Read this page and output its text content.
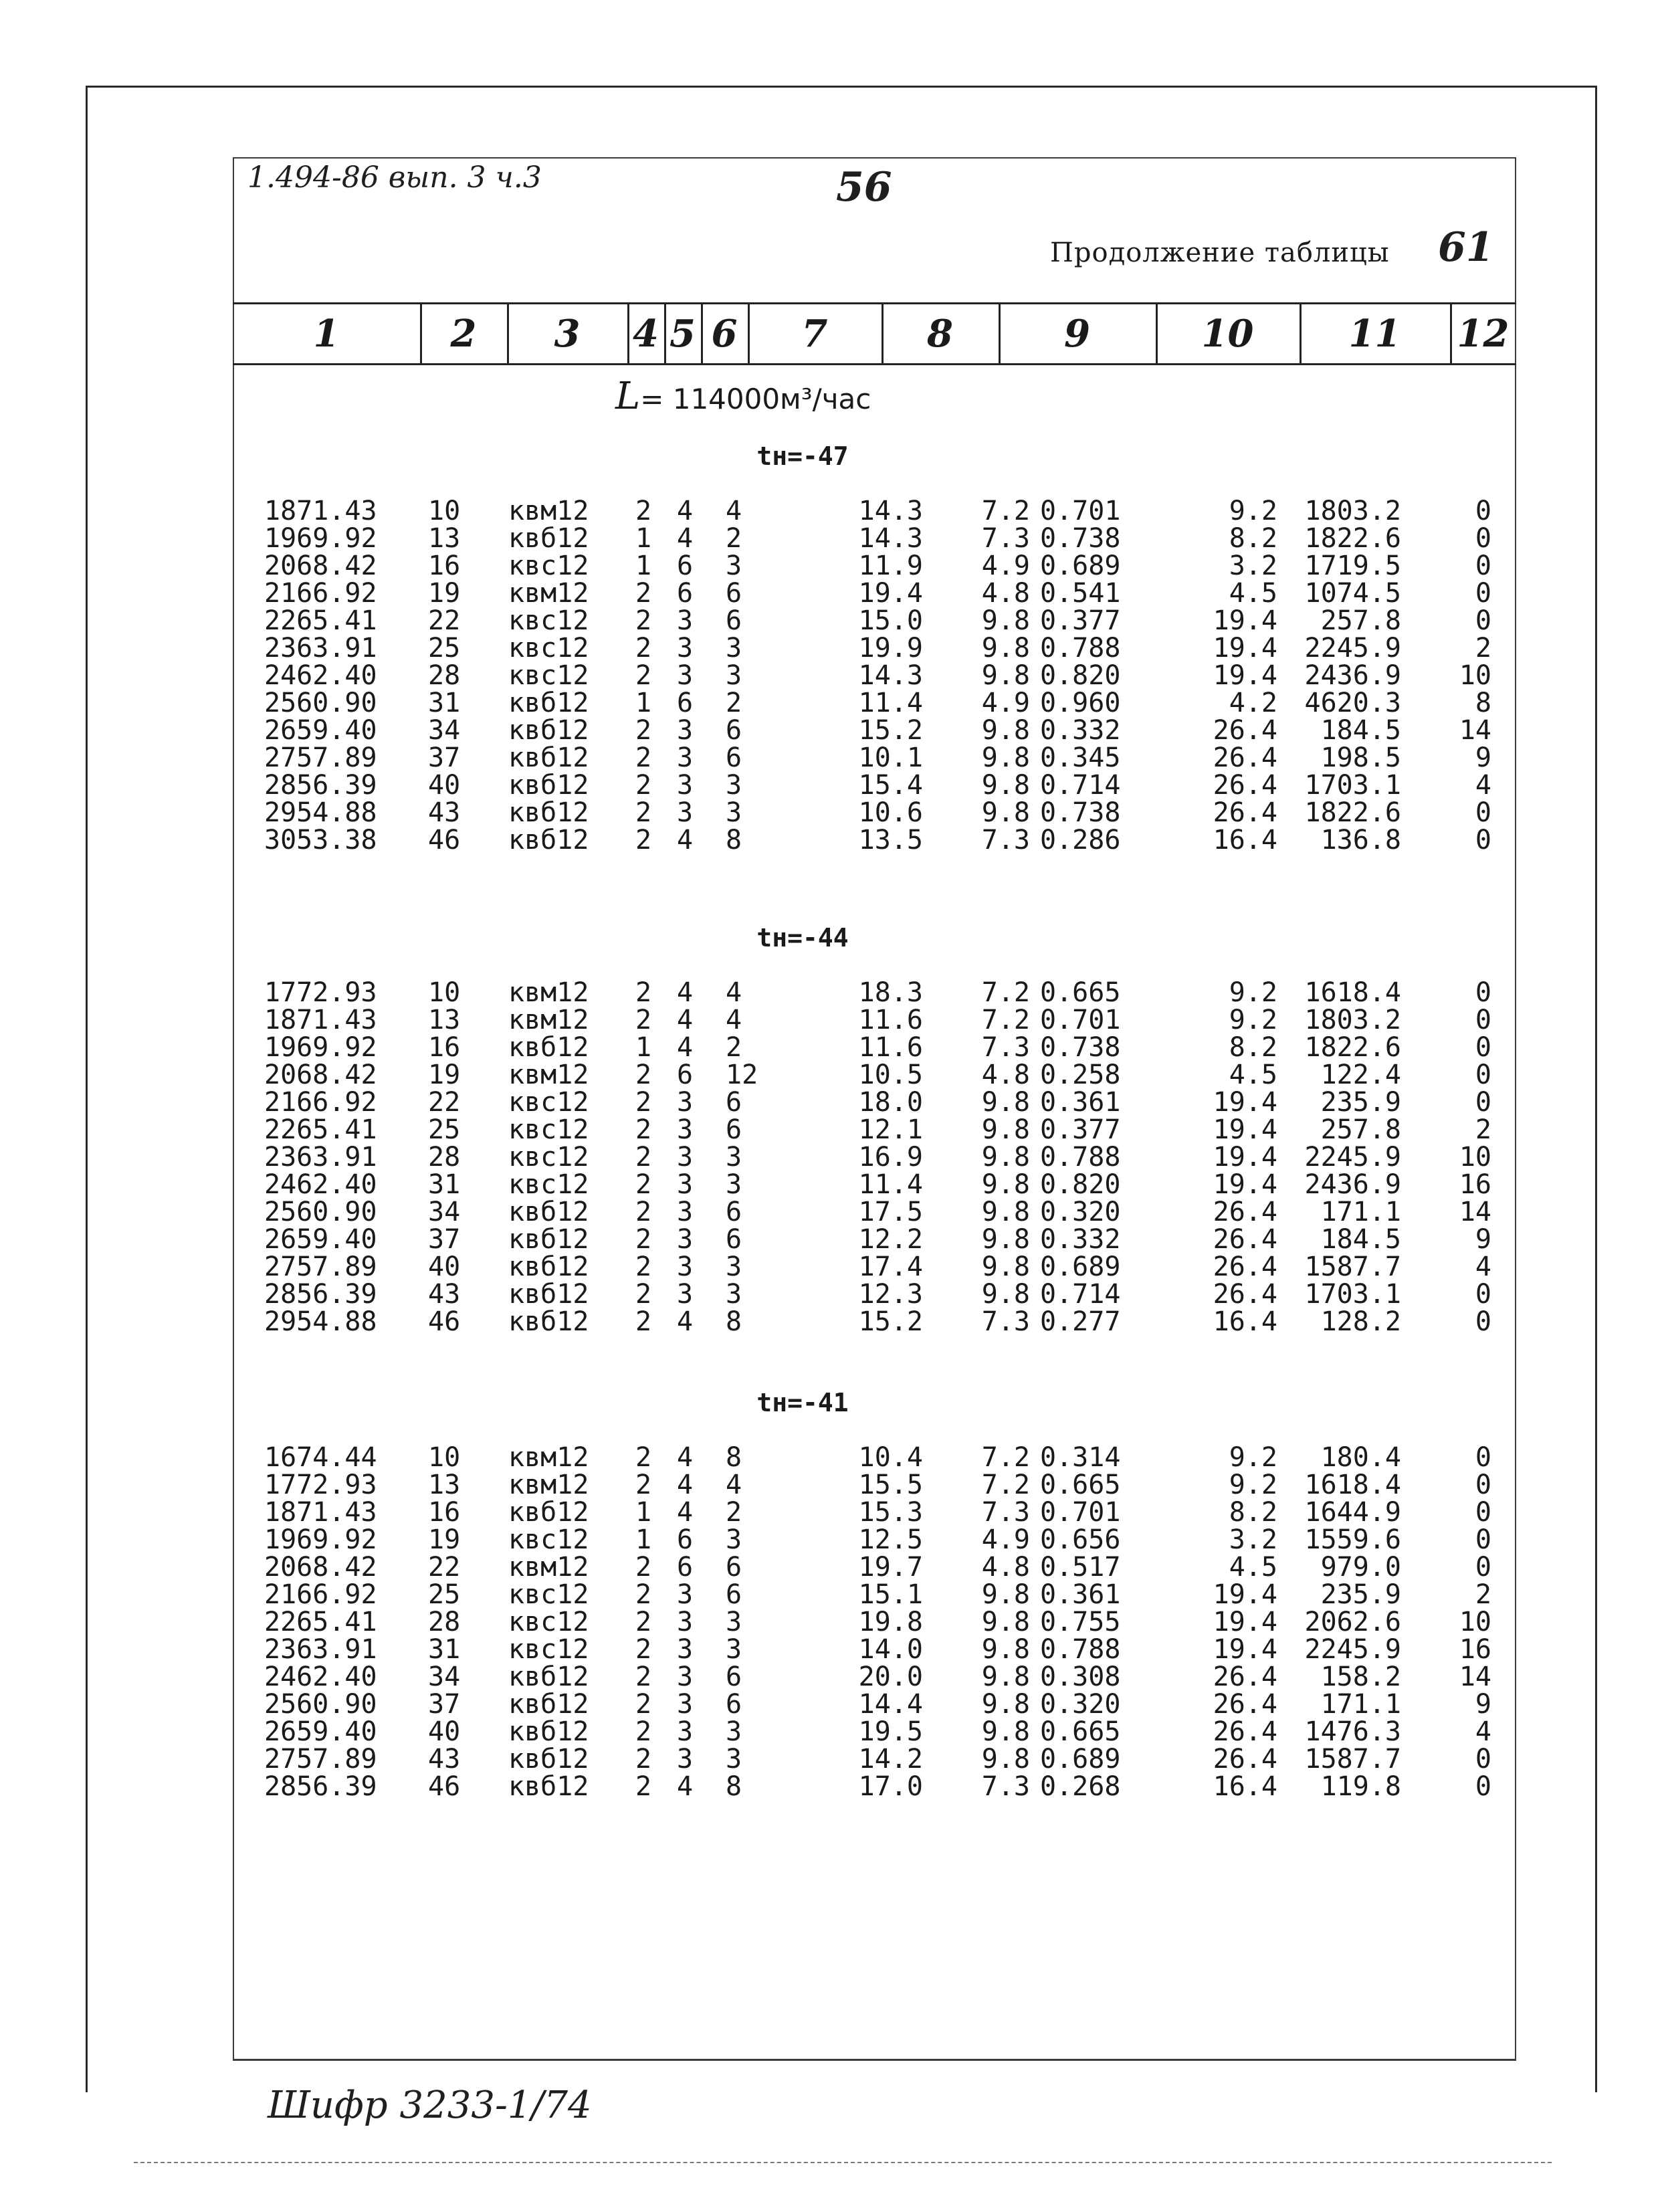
1.494-86 вып. 3 ч.3	56
Продолжение таблицы 61
1	2	3	4 5 6	7	8	9	10	11	12
L= 114000м³/час
tн=-47
1871.43 10 квм12 2 4 4	14.3	7.2 0.701	9.2	1803.2	0
1969.92 13 квб12 1 4 2	14.3	7.3 0.738	8.2	1822.6	0
2068.42 16 квс12 1 6 3	11.9	4.9 0.689	3.2	1719.5	0
2166.92 19 квм12 2 6 6	19.4	4.8 0.541	4.5	1074.5	0
2265.41 22 квс12 2 3 6	15.0	9.8 0.377	19.4	257.8	0
2363.91 25 квс12 2 3 3	19.9	9.8 0.788	19.4	2245.9	2
2462.40 28 квс12 2 3 3	14.3	9.8 0.820	19.4	2436.9	10
2560.90 31 квб12 1 6 2	11.4	4.9 0.960	4.2	4620.3	8
2659.40 34 квб12 2 3 6	15.2	9.8 0.332	26.4	184.5	14
2757.89 37 квб12 2 3 6	10.1	9.8 0.345	26.4	198.5	9
2856.39 40 квб12 2 3 3	15.4	9.8 0.714	26.4	1703.1	4
2954.88 43 квб12 2 3 3	10.6	9.8 0.738	26.4	1822.6	0
3053.38 46 квб12 2 4 8	13.5	7.3 0.286	16.4	136.8	0
tн=-44
1772.93 10 квм12 2 4 4	18.3	7.2 0.665	9.2	1618.4	0
1871.43 13 квм12 2 4 4	11.6	7.2 0.701	9.2	1803.2	0
1969.92 16 квб12 1 4 2	11.6	7.3 0.738	8.2	1822.6	0
2068.42 19 квм12 2 6 12	10.5	4.8 0.258	4.5	122.4	0
2166.92 22 квс12 2 3 6	18.0	9.8 0.361	19.4	235.9	0
2265.41 25 квс12 2 3 6	12.1	9.8 0.377	19.4	257.8	2
2363.91 28 квс12 2 3 3	16.9	9.8 0.788	19.4	2245.9	10
2462.40 31 квс12 2 3 3	11.4	9.8 0.820	19.4	2436.9	16
2560.90 34 квб12 2 3 6	17.5	9.8 0.320	26.4	171.1	14
2659.40 37 квб12 2 3 6	12.2	9.8 0.332	26.4	184.5	9
2757.89 40 квб12 2 3 3	17.4	9.8 0.689	26.4	1587.7	4
2856.39 43 квб12 2 3 3	12.3	9.8 0.714	26.4	1703.1	0
2954.88 46 квб12 2 4 8	15.2	7.3 0.277	16.4	128.2	0
tн=-41
1674.44 10 квм12 2 4 8	10.4	7.2 0.314	9.2	180.4	0
1772.93 13 квм12 2 4 4	15.5	7.2 0.665	9.2	1618.4	0
1871.43 16 квб12 1 4 2	15.3	7.3 0.701	8.2	1644.9	0
1969.92 19 квс12 1 6 3	12.5	4.9 0.656	3.2	1559.6	0
2068.42 22 квм12 2 6 6	19.7	4.8 0.517	4.5	979.0	0
2166.92 25 квс12 2 3 6	15.1	9.8 0.361	19.4	235.9	2
2265.41 28 квс12 2 3 3	19.8	9.8 0.755	19.4	2062.6	10
2363.91 31 квс12 2 3 3	14.0	9.8 0.788	19.4	2245.9	16
2462.40 34 квб12 2 3 6	20.0	9.8 0.308	26.4	158.2	14
2560.90 37 квб12 2 3 6	14.4	9.8 0.320	26.4	171.1	9
2659.40 40 квб12 2 3 3	19.5	9.8 0.665	26.4	1476.3	4
2757.89 43 квб12 2 3 3	14.2	9.8 0.689	26.4	1587.7	0
2856.39 46 квб12 2 4 8	17.0	7.3 0.268	16.4	119.8	0
Шифр 3233-1/74
